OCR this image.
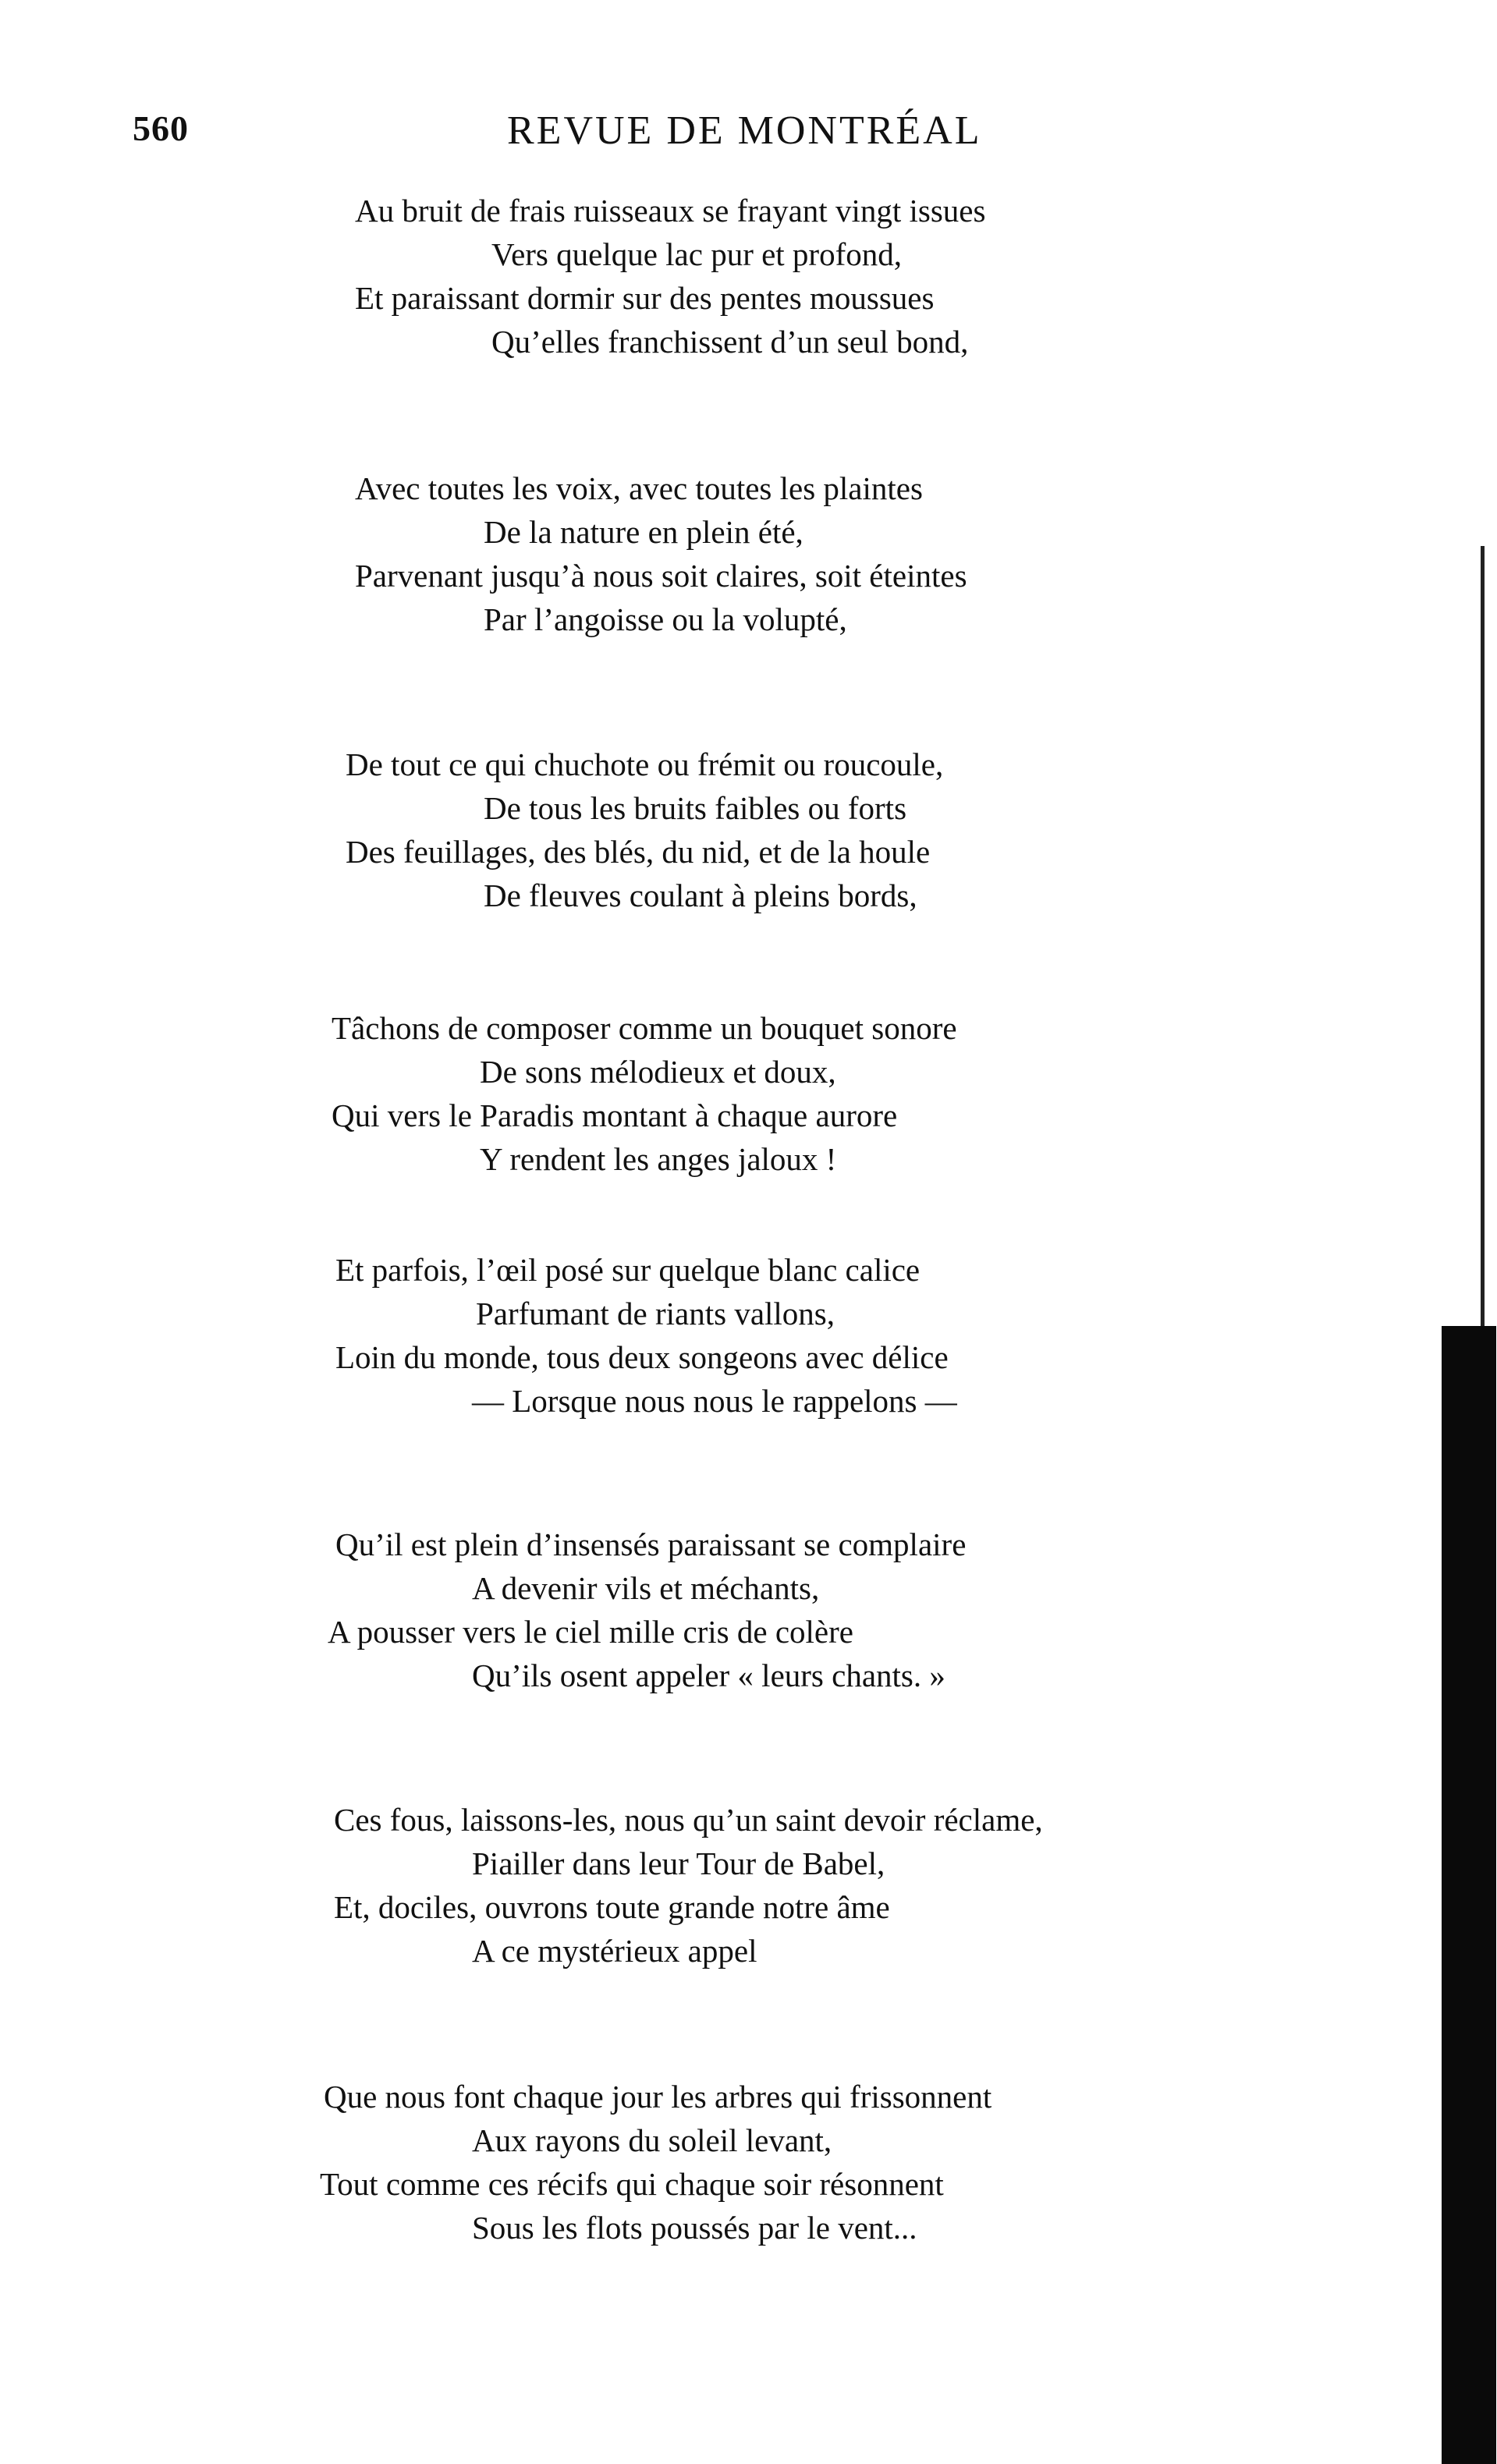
560	REVUE DE MONTRÉAL
Au bruit de frais ruisseaux se frayant vingt issues
Vers quelque lac pur et profond,
Et paraissant dormir sur des pentes moussues
Qu’elles franchissent d’un seul bond,
Avec toutes les voix, avec toutes les plaintes
De la nature en plein été,
Parvenant jusqu’à nous soit claires, soit éteintes
Par l’angoisse ou la volupté,
De tout ce qui chuchote ou frémit ou roucoule,
De tous les bruits faibles ou forts
Des feuillages, des blés, du nid, et de la houle
De fleuves coulant à pleins bords,
Tâchons de composer comme un bouquet sonore
De sons mélodieux et doux,
Qui vers le Paradis montant à chaque aurore
Y rendent les anges jaloux !
Et parfois, l’œil posé sur quelque blanc calice
Parfumant de riants vallons,
Loin du monde, tous deux songeons avec délice
— Lorsque nous nous le rappelons —
Qu’il est plein d’insensés paraissant se complaire
A devenir vils et méchants,
A pousser vers le ciel mille cris de colère
Qu’ils osent appeler « leurs chants. »
Ces fous, laissons-les, nous qu’un saint devoir réclame,
Piailler dans leur Tour de Babel,
Et, dociles, ouvrons toute grande notre âme
A ce mystérieux appel
Que nous font chaque jour les arbres qui frissonnent
Aux rayons du soleil levant,
Tout comme ces récifs qui chaque soir résonnent
Sous les flots poussés par le vent...
